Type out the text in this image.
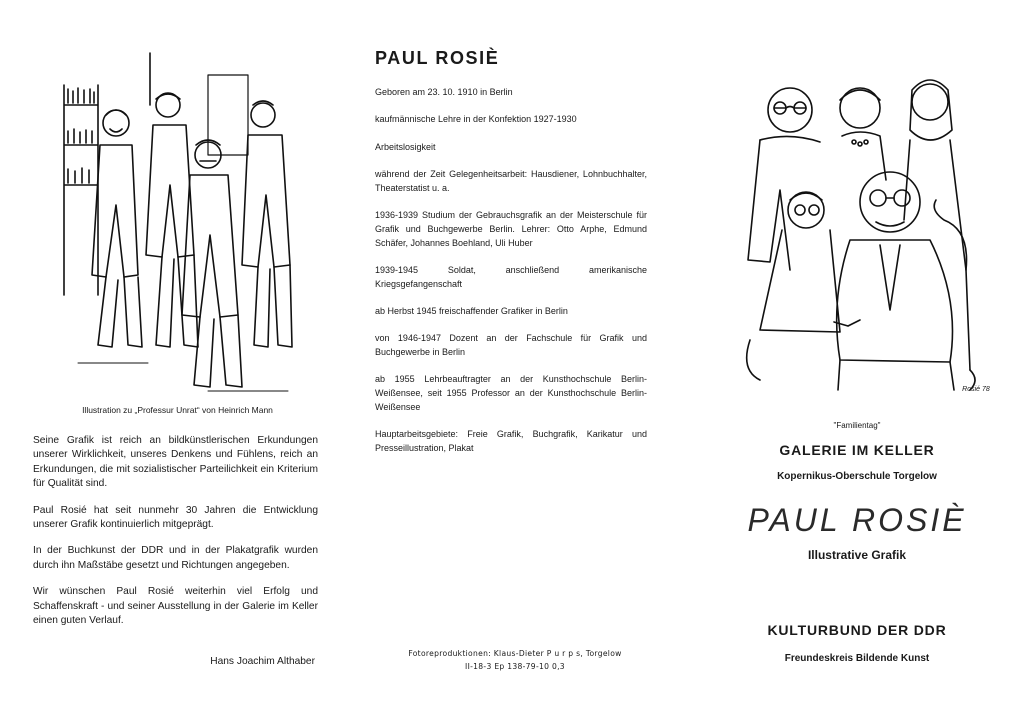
Illustration zu „Professur Unrat“ von Heinrich Mann

Seine Grafik ist reich an bildkünstlerischen Erkundungen unserer Wirklichkeit, unseres Denkens und Fühlens, reich an Erkundungen, die mit sozialistischer Parteilichkeit ein Kriterium für Qualität sind.

Paul Rosié hat seit nunmehr 30 Jahren die Entwicklung unserer Grafik kontinuierlich mitgeprägt.

In der Buchkunst der DDR und in der Plakatgrafik wurden durch ihn Maßstäbe gesetzt und Richtungen angegeben.

Wir wünschen Paul Rosié weiterhin viel Erfolg und Schaffenskraft - und seiner Ausstellung in der Galerie im Keller einen guten Verlauf.

Hans Joachim Althaber
PAUL ROSIÈ

Geboren am 23. 10. 1910 in Berlin

kaufmännische Lehre in der Konfektion 1927-1930

Arbeitslosigkeit

während der Zeit Gelegenheitsarbeit: Hausdiener, Lohnbuchhalter, Theaterstatist u. a.

1936-1939 Studium der Gebrauchsgrafik an der Meisterschule für Grafik und Buchgewerbe Berlin. Lehrer: Otto Arphe, Edmund Schäfer, Johannes Boehland, Uli Huber

1939-1945 Soldat, anschließend amerikanische Kriegsgefangenschaft

ab Herbst 1945 freischaffender Grafiker in Berlin

von 1946-1947 Dozent an der Fachschule für Grafik und Buchgewerbe in Berlin

ab 1955 Lehrbeauftragter an der Kunsthochschule Berlin-Weißensee, seit 1955 Professor an der Kunsthochschule Berlin-Weißensee

Hauptarbeitsgebiete: Freie Grafik, Buchgrafik, Karikatur und Presseillustration, Plakat

Fotoreproduktionen: Klaus-Dieter P u r p s, Torgelow
II-18-3 Ep 138-79-10 0,3
Rosié 78
"Familientag"
GALERIE IM KELLER
Kopernikus-Oberschule Torgelow
PAUL ROSIÈ
Illustrative Grafik
KULTURBUND DER DDR
Freundeskreis Bildende Kunst
